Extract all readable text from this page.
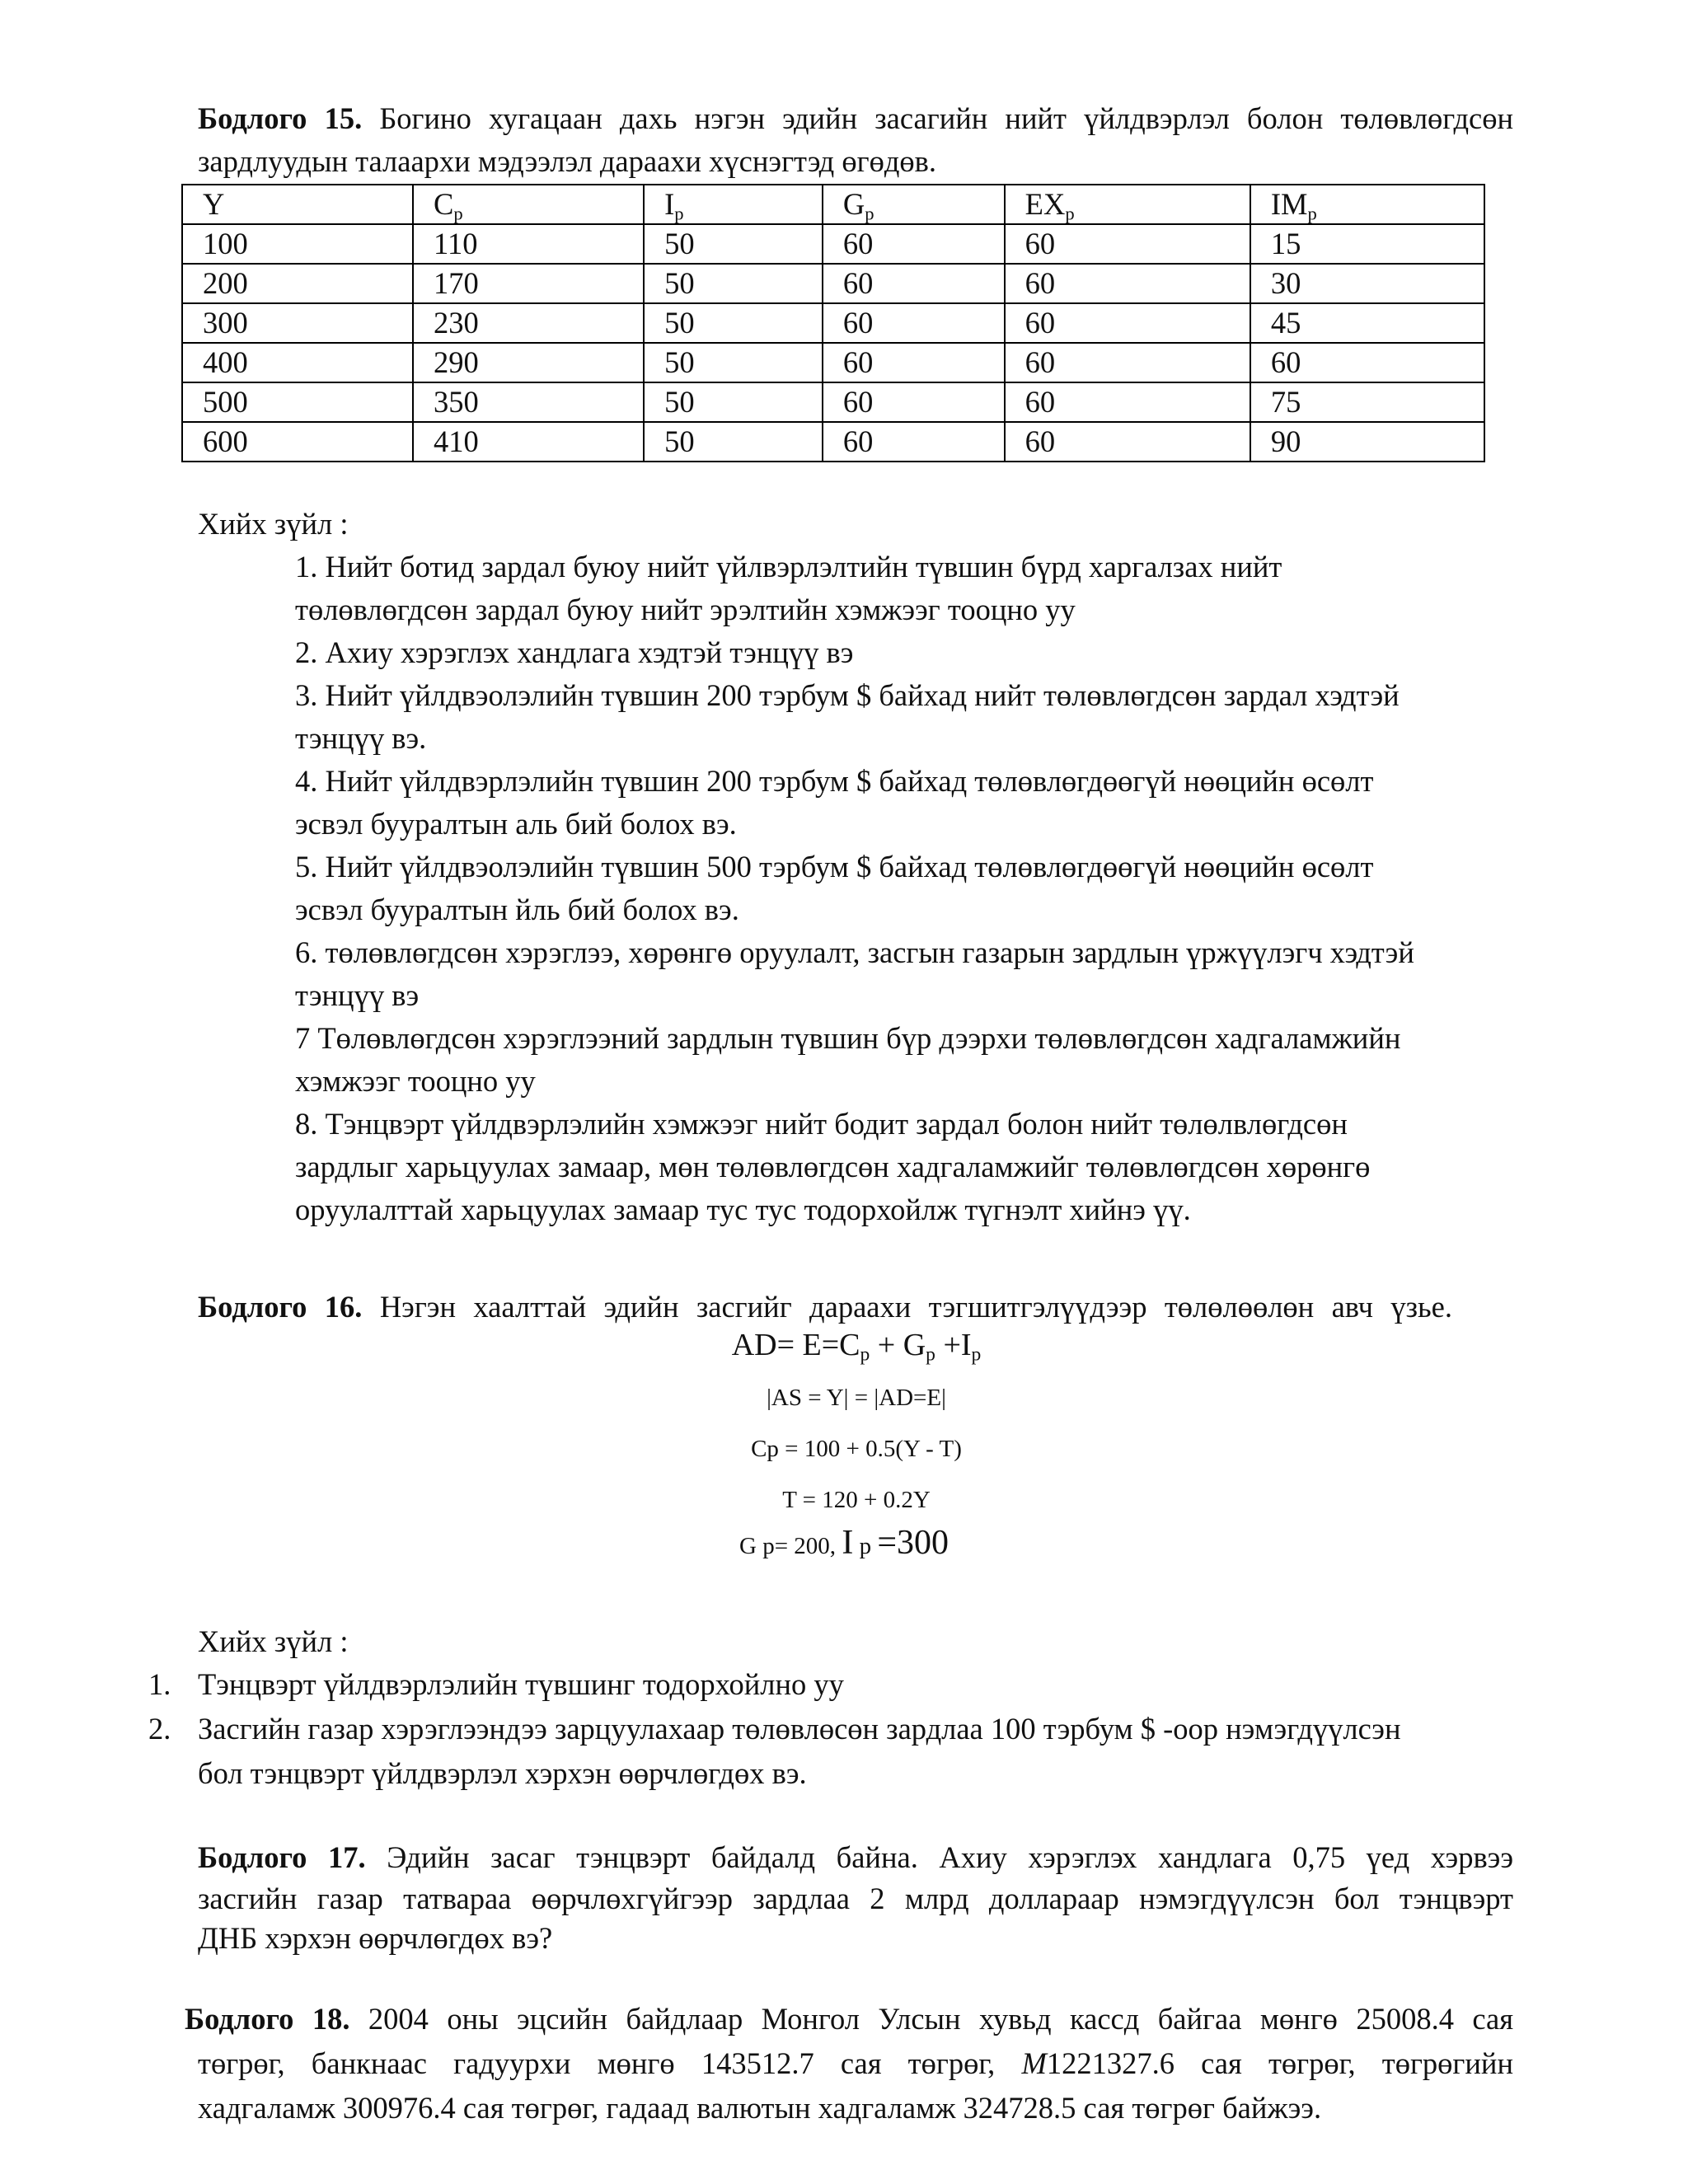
Бодлого 15. Богино хугацаан дахь нэгэн эдийн засагийн нийт үйлдвэрлэл болон төлөвлөгдсөн
зардлуудын талаархи мэдээлэл дараахи хүснэгтэд өгөдөв.
Y	$C_p$	$I_p$	$G_p$	$EX_p$	$IM_p$
100	110	50	60	60	15
200	170	50	60	60	30
300	230	50	60	60	45
400	290	50	60	60	60
500	350	50	60	60	75
600	410	50	60	60	90
Хийх зүйл :
1. Нийт ботид зардал буюу нийт үйлвэрлэлтийн түвшин бүрд харгалзах нийт
төлөвлөгдсөн зардал буюу нийт эрэлтийн хэмжээг тооцно уу
2. Ахиу хэрэглэх хандлага хэдтэй тэнцүү вэ
3. Нийт үйлдвэолэлийн түвшин 200 тэрбум $ байхад нийт төлөвлөгдсөн зардал хэдтэй
тэнцүү вэ.
4. Нийт үйлдвэрлэлийн түвшин 200 тэрбум $ байхад төлөвлөгдөөгүй нөөцийн өсөлт
эсвэл бууралтын аль бий болох вэ.
5. Нийт үйлдвэолэлийн түвшин 500 тэрбум $ байхад төлөвлөгдөөгүй нөөцийн өсөлт
эсвэл бууралтын йль бий болох вэ.
6. төлөвлөгдсөн хэрэглээ, хөрөнгө оруулалт, засгын газарын зардлын үржүүлэгч хэдтэй
тэнцүү вэ
7 Төлөвлөгдсөн хэрэглээний зардлын түвшин бүр дээрхи төлөвлөгдсөн хадгаламжийн
хэмжээг тооцно уу
8. Тэнцвэрт үйлдвэрлэлийн хэмжээг нийт бодит зардал болон нийт төлөлвлөгдсөн
зардлыг харьцуулах замаар, мөн төлөвлөгдсөн хадгаламжийг төлөвлөгдсөн хөрөнгө
оруулалттай харьцуулах замаар тус тус тодорхойлж түгнэлт хийнэ үү.
Бодлого 16. Нэгэн хаалттай эдийн засгийг дараахи тэгшитгэлүүдээр төлөлөөлөн авч үзье.
$AD= E=C_p + G_p +I_p$
|AS = Y| = |AD=E|
Cp = 100 + 0.5(Y - T)
T = 120 + 0.2Y
G p= 200, I p =300
Хийх зүйл :
1. Тэнцвэрт үйлдвэрлэлийн түвшинг тодорхойлно уу
2. Засгийн газар хэрэглээндээ зарцуулахаар төлөвлөсөн зардлаа 100 тэрбум $ -оор нэмэгдүүлсэн
бол тэнцвэрт үйлдвэрлэл хэрхэн өөрчлөгдөх вэ.
Бодлого 17. Эдийн засаг тэнцвэрт байдалд байна. Ахиу хэрэглэх хандлага 0,75 үед хэрвээ
засгийн газар татвараа өөрчлөхгүйгээр зардлаа 2 млрд доллараар нэмэгдүүлсэн бол тэнцвэрт
ДНБ хэрхэн өөрчлөгдөх вэ?
Бодлого 18. 2004 оны эцсийн байдлаар Монгол Улсын хувьд кассд байгаа мөнгө 25008.4 сая
төгрөг, банкнаас гадуурхи мөнгө 143512.7 сая төгрөг, M1221327.6 сая төгрөг, төгрөгийн
хадгаламж 300976.4 сая төгрөг, гадаад валютын хадгаламж 324728.5 сая төгрөг байжээ.
